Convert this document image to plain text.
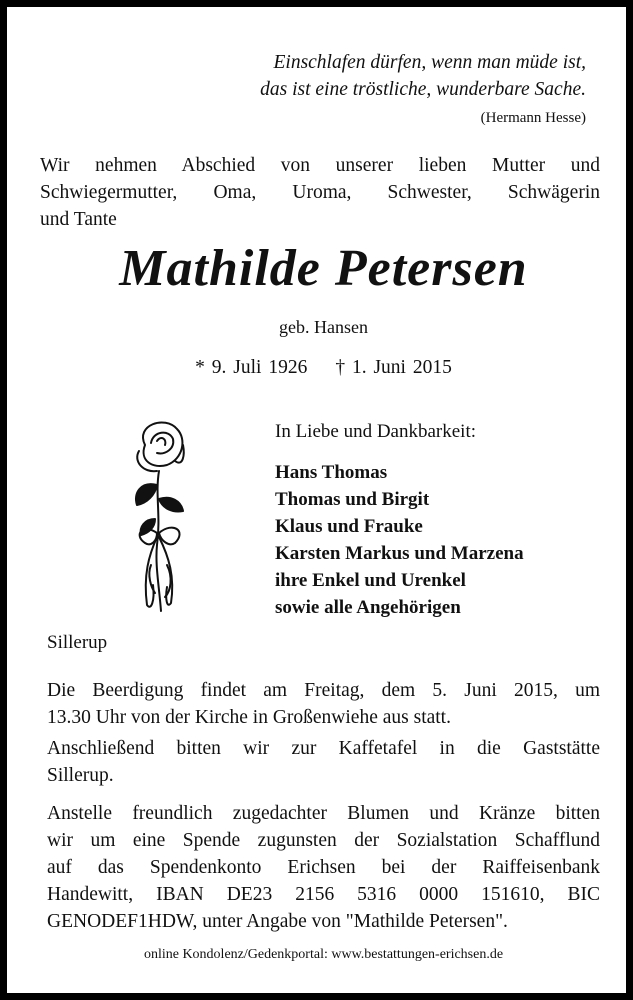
Einschlafen dürfen, wenn man müde ist,
das ist eine tröstliche, wunderbare Sache.
(Hermann Hesse)
Wir nehmen Abschied von unserer lieben Mutter und
Schwiegermutter, Oma, Uroma, Schwester, Schwägerin
und Tante
Mathilde Petersen
geb. Hansen
* 9. Juli 1926 † 1. Juni 2015
In Liebe und Dankbarkeit:
Hans Thomas
Thomas und Birgit
Klaus und Frauke
Karsten Markus und Marzena
ihre Enkel und Urenkel
sowie alle Angehörigen
Sillerup
Die Beerdigung findet am Freitag, dem 5. Juni 2015, um
13.30 Uhr von der Kirche in Großenwiehe aus statt.
Anschließend bitten wir zur Kaffetafel in die Gaststätte
Sillerup.
Anstelle freundlich zugedachter Blumen und Kränze bitten
wir um eine Spende zugunsten der Sozialstation Schafflund
auf das Spendenkonto Erichsen bei der Raiffeisenbank
Handewitt, IBAN DE23 2156 5316 0000 151610, BIC
GENODEF1HDW, unter Angabe von "Mathilde Petersen".
online Kondolenz/Gedenkportal: www.bestattungen-erichsen.de
